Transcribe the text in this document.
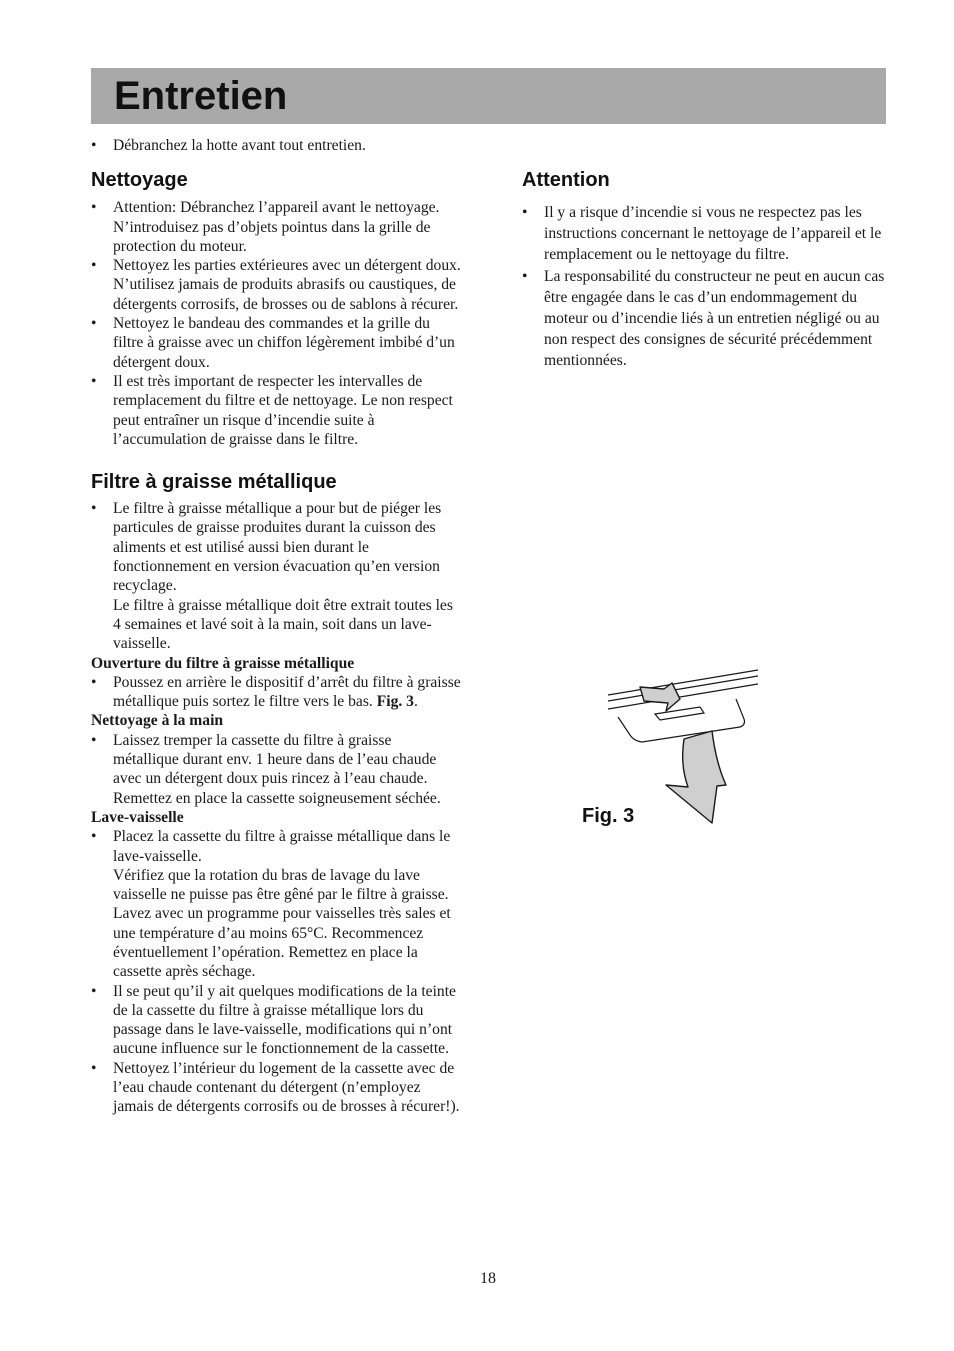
Entretien
• Débranchez la hotte avant tout entretien.
Nettoyage
• Attention: Débranchez l’appareil avant le nettoyage.
N’introduisez pas d’objets pointus dans la grille de protection du moteur.
• Nettoyez les parties extérieures avec un détergent doux.
N’utilisez jamais de produits abrasifs ou caustiques, de détergents corrosifs, de brosses ou de sablons à récurer.
• Nettoyez le bandeau des commandes et la grille du filtre à graisse avec un chiffon légèrement imbibé d’un détergent doux.
• Il est très important de respecter les intervalles de remplacement du filtre et de nettoyage. Le non respect peut entraîner un risque d’incendie suite à l’accumulation de graisse dans le filtre.
Filtre à graisse métallique
• Le filtre à graisse métallique a pour but de piéger les particules de graisse produites durant la cuisson des aliments et est utilisé aussi bien durant le fonctionnement en version évacuation qu’en version recyclage.
Le filtre à graisse métallique doit être extrait toutes les 4 semaines et lavé soit à la main, soit dans un lave-vaisselle.

Ouverture du filtre à graisse métallique

• Poussez en arrière le dispositif d’arrêt du filtre à graisse métallique puis sortez le filtre vers le bas. Fig. 3.

Nettoyage à la main

• Laissez tremper la cassette du filtre à graisse métallique durant env. 1 heure dans de l’eau chaude avec un détergent doux puis rincez à l’eau chaude. Remettez en place la cassette soigneusement séchée.

Lave-vaisselle

• Placez la cassette du filtre à graisse métallique dans le lave-vaisselle.
Vérifiez que la rotation du bras de lavage du lave vaisselle ne puisse pas être gêné par le filtre à graisse.
Lavez avec un programme pour vaisselles très sales et une température d’au moins 65°C. Recommencez éventuellement l’opération. Remettez en place la cassette après séchage.
• Il se peut qu’il y ait quelques modifications de la teinte de la cassette du filtre à graisse métallique lors du passage dans le lave-vaisselle, modifications qui n’ont aucune influence sur le fonctionnement de la cassette.
• Nettoyez l’intérieur du logement de la cassette avec de l’eau chaude contenant du détergent (n’employez jamais de détergents corrosifs ou de brosses à récurer!).
Attention
• Il y a risque d’incendie si vous ne respectez pas les instructions concernant le nettoyage de l’appareil et le remplacement ou le nettoyage du filtre.
• La responsabilité du constructeur ne peut en aucun cas être engagée dans le cas d’un endommagement du moteur ou d’incendie liés à un entretien négligé ou au non respect des consignes de sécurité précédemment mentionnées.
Fig. 3
18
